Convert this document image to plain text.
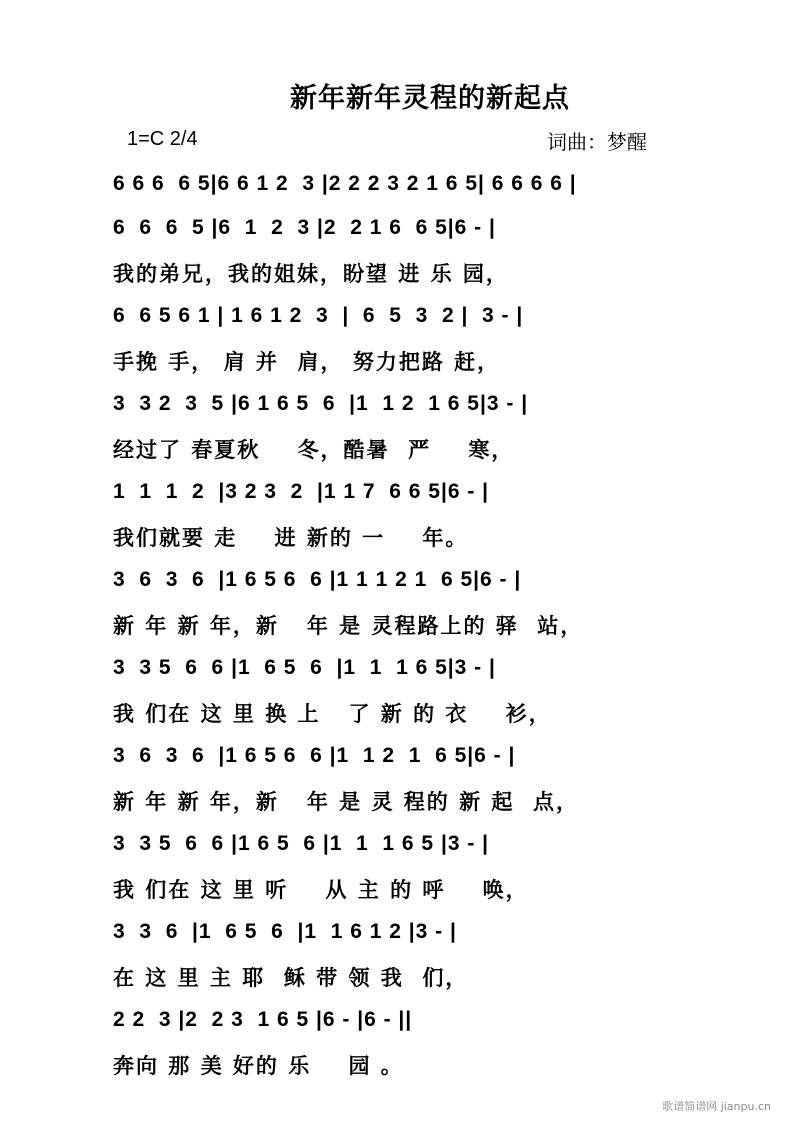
新年新年灵程的新起点
1=C 2/4	词曲：梦醒

6 6 6  6 5|6 6 1 2  3 |2 2 2 3 2 1 6 5| 6 6 6 6 |

6  6  6  5 |6  1  2  3 |2  2 1 6  6 5|6 - |

我的弟兄，我的姐妹，盼望 进 乐 园，

6  6 5 6 1 | 1 6 1 2  3  |  6  5  3  2 |  3 - |

手挽 手， 肩 并  肩， 努力把路 赶，

3  3 2  3  5 |6 1 6 5  6  |1  1 2  1 6 5|3 - |

经过了 春夏秋    冬，酷暑  严    寒，

1  1  1  2  |3 2 3  2  |1 1 7  6 6 5|6 - |

我们就要 走    进 新的 一    年。

3  6  3  6  |1 6 5 6  6 |1 1 1 2 1  6 5|6 - |

新 年 新 年，新   年 是 灵程路上的 驿  站，

3  3 5  6  6 |1  6 5  6  |1  1  1 6 5|3 - |

我 们在 这 里 换 上   了 新 的 衣    衫，

3  6  3  6  |1 6 5 6  6 |1  1 2  1  6 5|6 - |

新 年 新 年，新   年 是 灵 程的 新 起  点，

3  3 5  6  6 |1 6 5  6 |1  1  1 6 5 |3 - |

我 们在 这 里 听    从 主 的 呼    唤，

3  3  6  |1  6 5  6  |1  1 6 1 2 |3 - |

在 这 里 主 耶  稣 带 领 我  们，

2 2  3 |2  2 3  1 6 5 |6 - |6 - ||

奔向 那 美 好的 乐    园 。

歌谱简谱网 jianpu.cn
